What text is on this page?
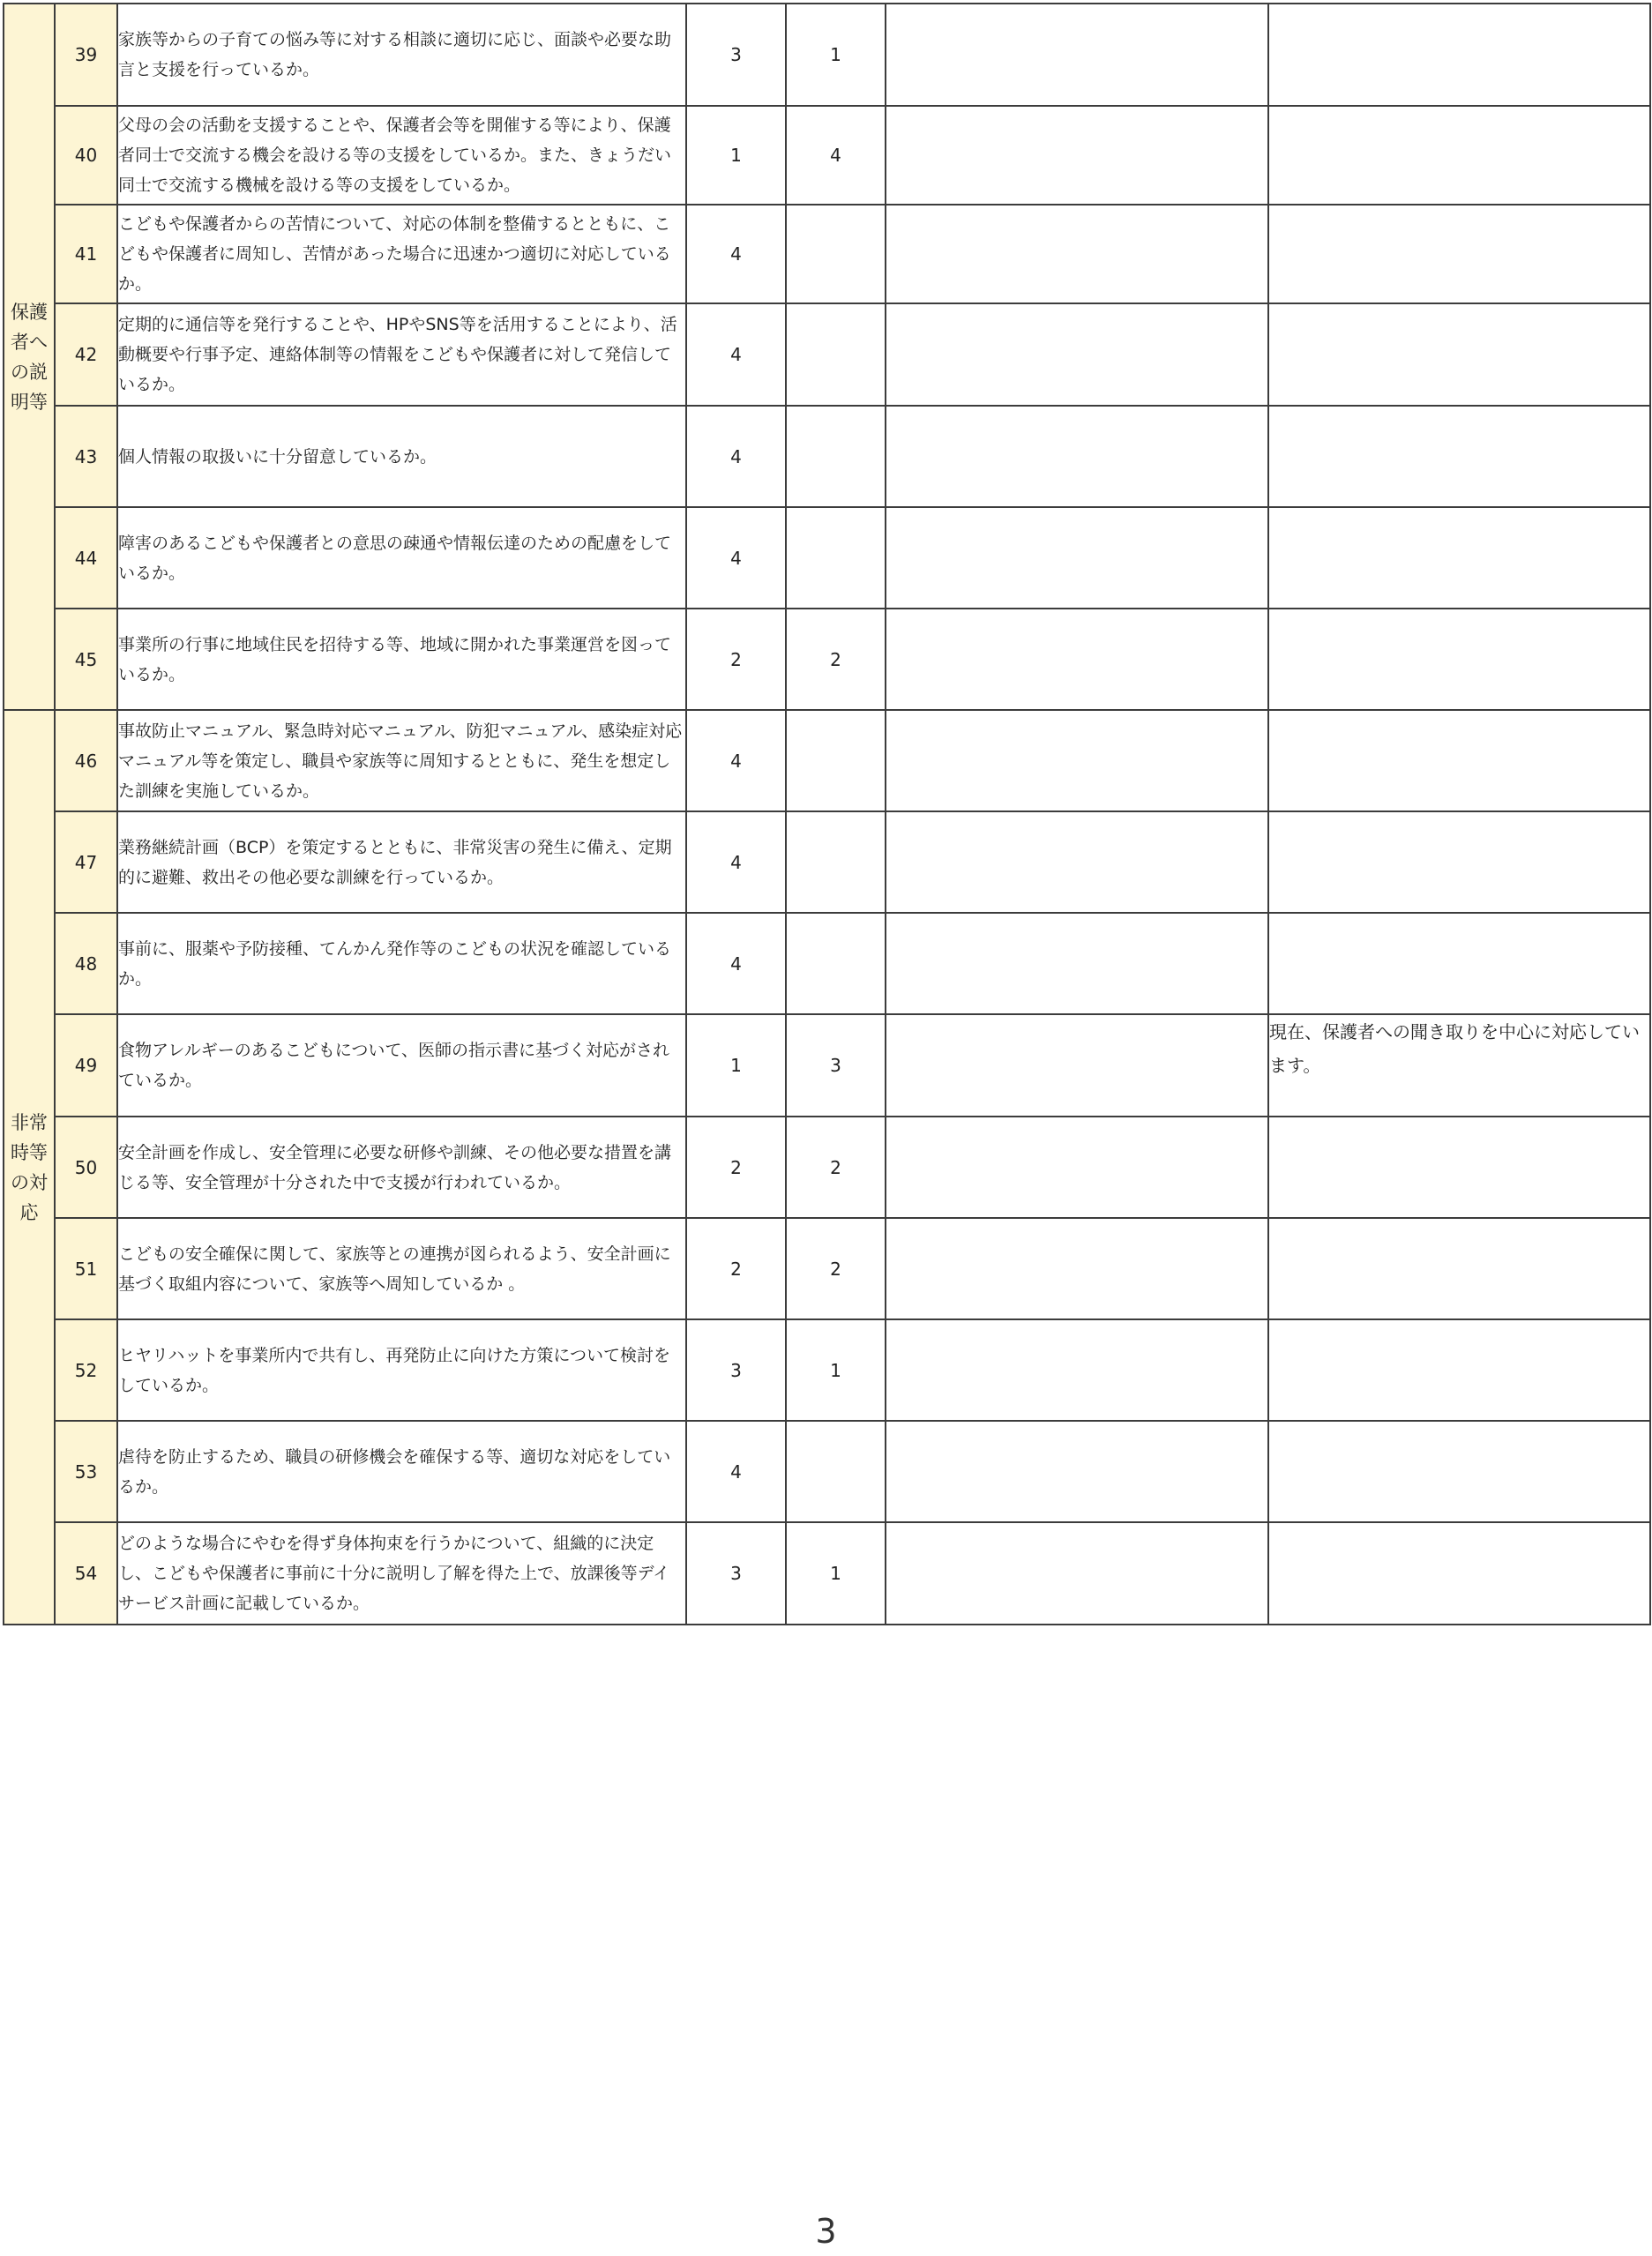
保護
者へ
の説
明等	39	家族等からの子育ての悩み等に対する相談に適切に応じ、面談や必要な助言と支援を行っているか。	3	1		
	40	父母の会の活動を支援することや、保護者会等を開催する等により、保護者同士で交流する機会を設ける等の支援をしているか。また、きょうだい同士で交流する機械を設ける等の支援をしているか。	1	4		
	41	こどもや保護者からの苦情について、対応の体制を整備するとともに、こどもや保護者に周知し、苦情があった場合に迅速かつ適切に対応しているか。	4			
	42	定期的に通信等を発行することや、HPやSNS等を活用することにより、活動概要や行事予定、連絡体制等の情報をこどもや保護者に対して発信しているか。	4			
	43	個人情報の取扱いに十分留意しているか。	4			
	44	障害のあるこどもや保護者との意思の疎通や情報伝達のための配慮をしているか。	4			
	45	事業所の行事に地域住民を招待する等、地域に開かれた事業運営を図っているか。	2	2		

非常
時等
の対
応	46	事故防止マニュアル、緊急時対応マニュアル、防犯マニュアル、感染症対応マニュアル等を策定し、職員や家族等に周知するとともに、発生を想定した訓練を実施しているか。	4			
	47	業務継続計画（BCP）を策定するとともに、非常災害の発生に備え、定期的に避難、救出その他必要な訓練を行っているか。	4			
	48	事前に、服薬や予防接種、てんかん発作等のこどもの状況を確認しているか。	4			
	49	食物アレルギーのあるこどもについて、医師の指示書に基づく対応がされているか。	1	3		現在、保護者への聞き取りを中心に対応しています。
	50	安全計画を作成し、安全管理に必要な研修や訓練、その他必要な措置を講じる等、安全管理が十分された中で支援が行われているか。	2	2		
	51	こどもの安全確保に関して、家族等との連携が図られるよう、安全計画に基づく取組内容について、家族等へ周知しているか 。	2	2		
	52	ヒヤリハットを事業所内で共有し、再発防止に向けた方策について検討をしているか。	3	1		
	53	虐待を防止するため、職員の研修機会を確保する等、適切な対応をしているか。	4			
	54	どのような場合にやむを得ず身体拘束を行うかについて、組織的に決定し、こどもや保護者に事前に十分に説明し了解を得た上で、放課後等デイサービス計画に記載しているか。	3	1		
3
